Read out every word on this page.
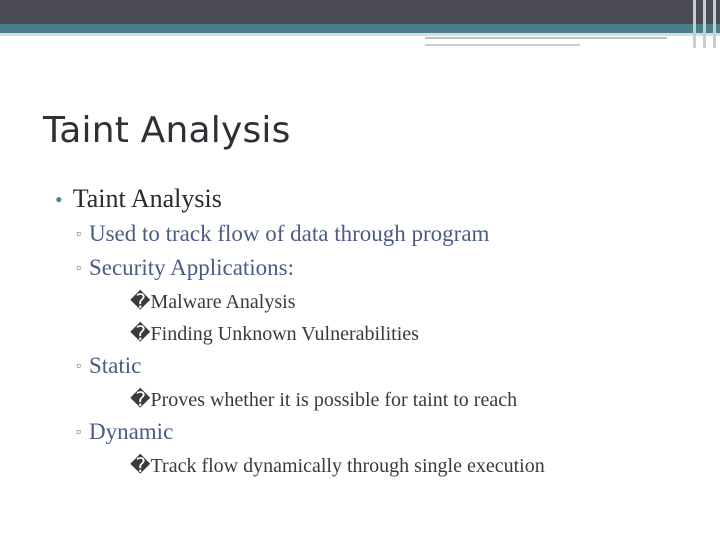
Taint Analysis
• Taint Analysis
▫ Used to track flow of data through program
▫ Security Applications:
�Malware Analysis
�Finding Unknown Vulnerabilities
▫ Static
�Proves whether it is possible for taint to reach
▫ Dynamic
�Track flow dynamically through single execution
